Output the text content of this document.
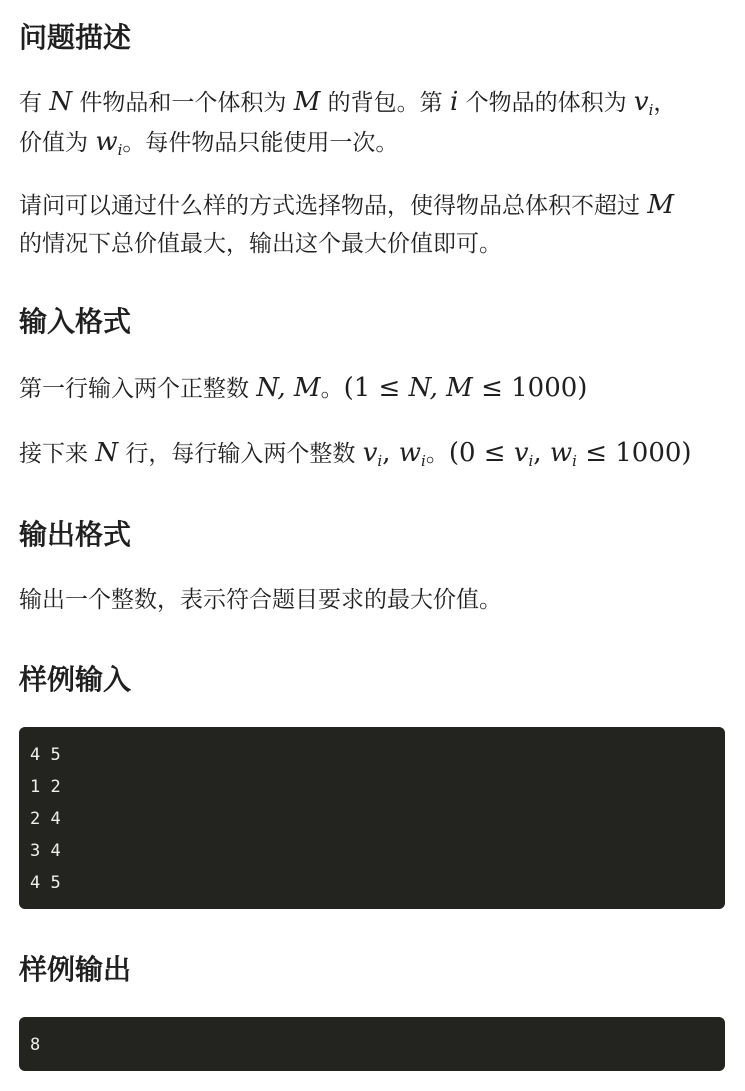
问题描述

有 N 件物品和一个体积为 M 的背包。第 i 个物品的体积为 $v_i$，

价值为 $w_i$。每件物品只能使用一次。

请问可以通过什么样的方式选择物品，使得物品总体积不超过 M

的情况下总价值最大，输出这个最大价值即可。

输入格式

第一行输入两个正整数 N, M。(1 ≤ N, M ≤ 1000)

接下来 N 行，每行输入两个整数 $v_i$, $w_i$。($0 \le v_i$, $w_i \le 1000$)

输出格式

输出一个整数，表示符合题目要求的最大价值。

样例输入
4 5
1 2
2 4
3 4
4 5
样例输出
8
